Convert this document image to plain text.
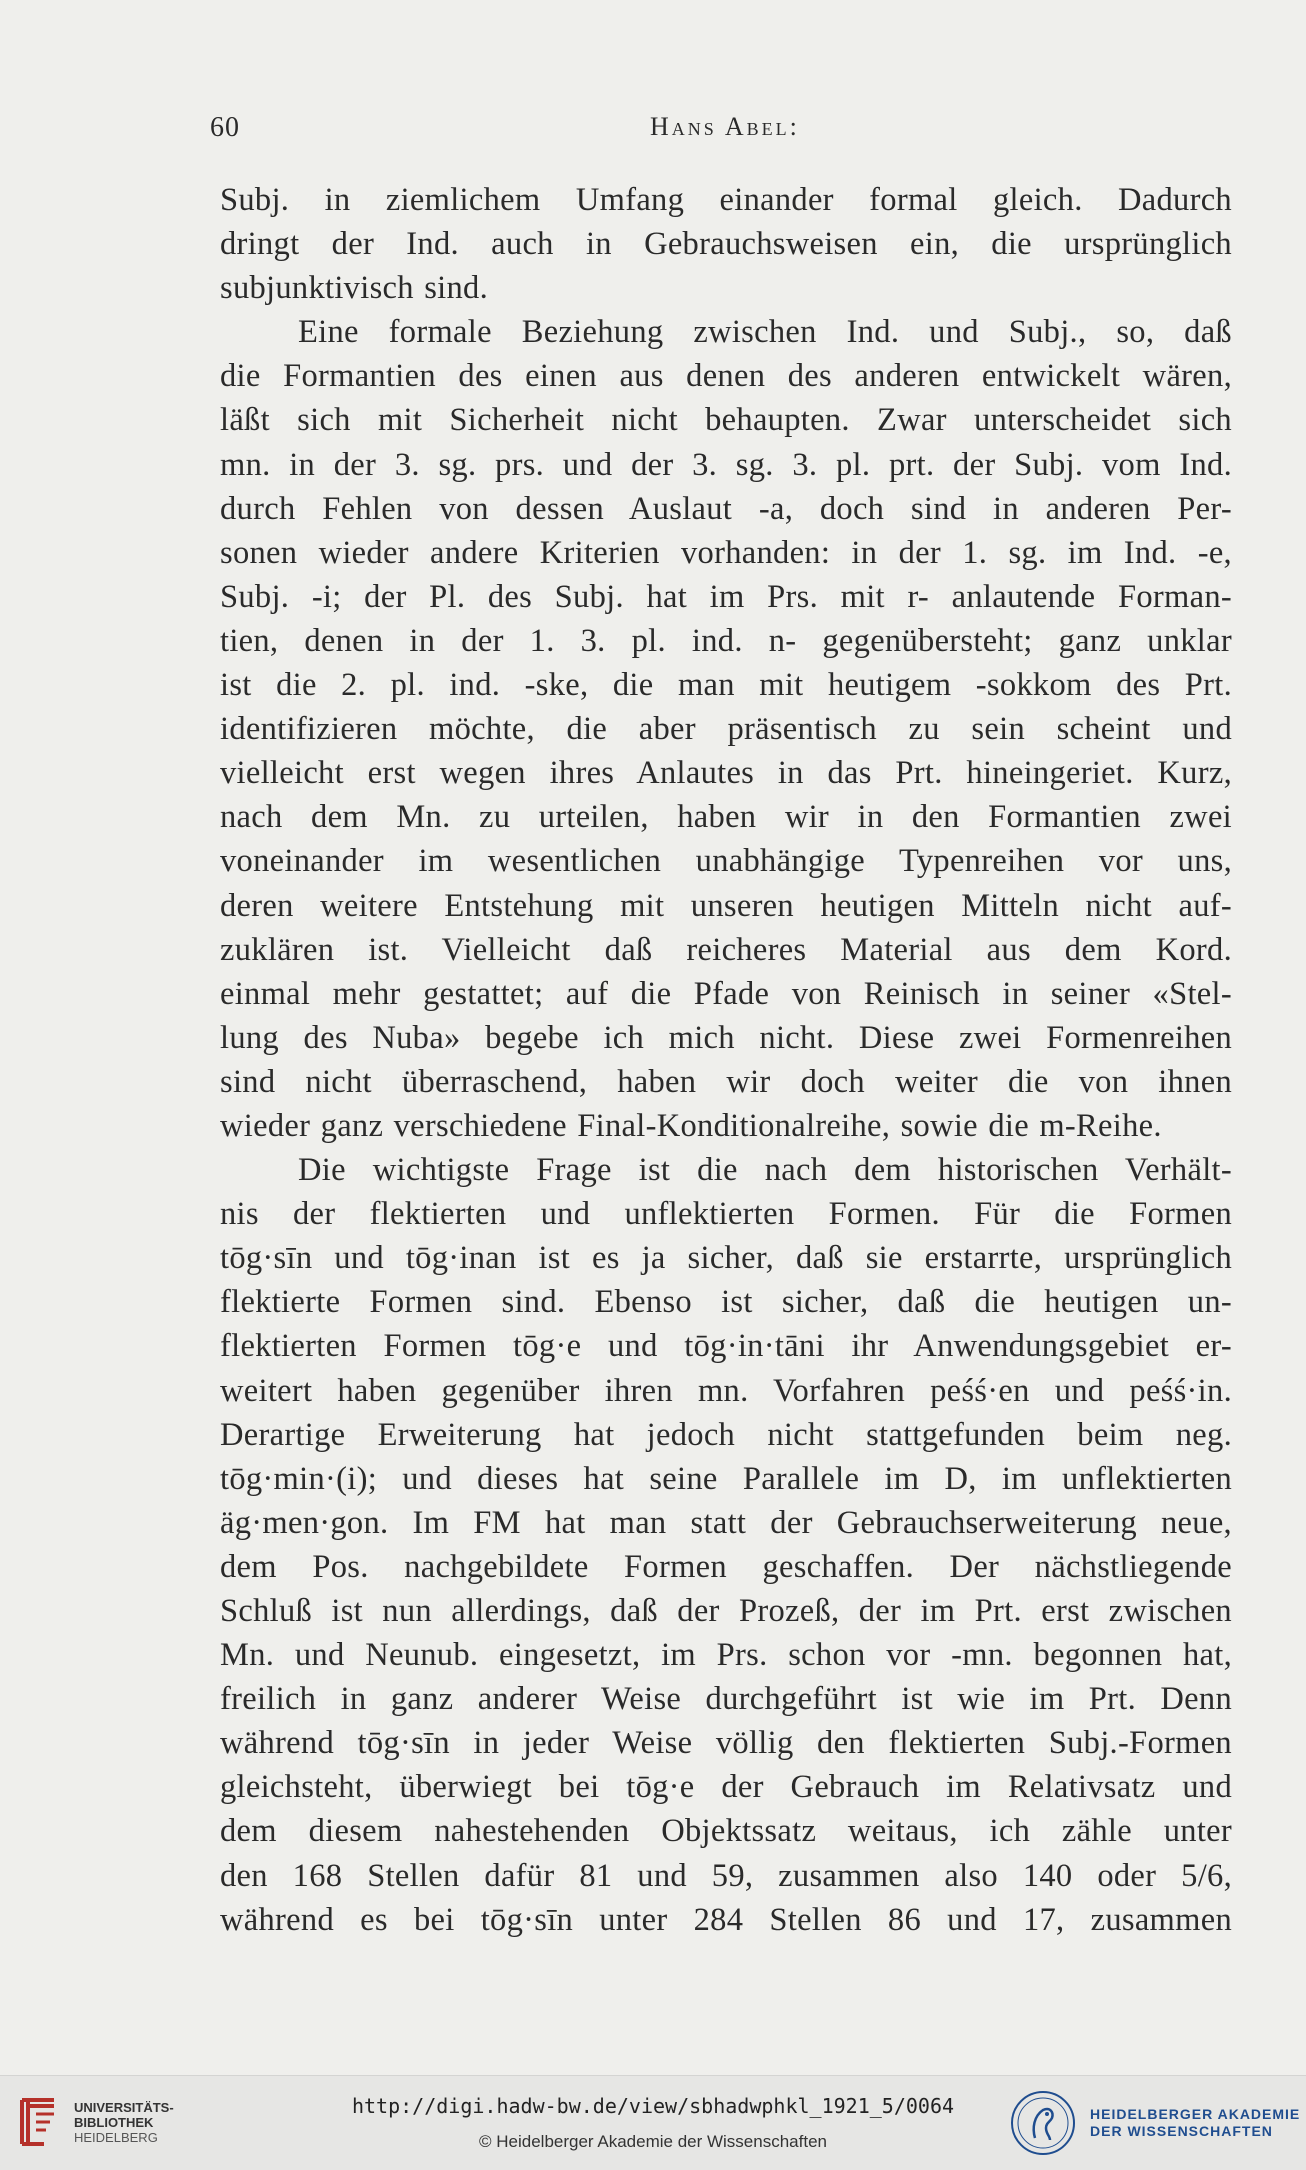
60	Hans Abel:
Subj. in ziemlichem Umfang einander formal gleich. Dadurch
dringt der Ind. auch in Gebrauchsweisen ein, die ursprünglich
subjunktivisch sind.
Eine formale Beziehung zwischen Ind. und Subj., so, daß
die Formantien des einen aus denen des anderen entwickelt wären,
läßt sich mit Sicherheit nicht behaupten. Zwar unterscheidet sich
mn. in der 3. sg. prs. und der 3. sg. 3. pl. prt. der Subj. vom Ind.
durch Fehlen von dessen Auslaut -a, doch sind in anderen Per-
sonen wieder andere Kriterien vorhanden: in der 1. sg. im Ind. -e,
Subj. -i; der Pl. des Subj. hat im Prs. mit r- anlautende Forman-
tien, denen in der 1. 3. pl. ind. n- gegenübersteht; ganz unklar
ist die 2. pl. ind. -ske, die man mit heutigem -sokkom des Prt.
identifizieren möchte, die aber präsentisch zu sein scheint und
vielleicht erst wegen ihres Anlautes in das Prt. hineingeriet. Kurz,
nach dem Mn. zu urteilen, haben wir in den Formantien zwei
voneinander im wesentlichen unabhängige Typenreihen vor uns,
deren weitere Entstehung mit unseren heutigen Mitteln nicht auf-
zuklären ist. Vielleicht daß reicheres Material aus dem Kord.
einmal mehr gestattet; auf die Pfade von Reinisch in seiner «Stel-
lung des Nuba» begebe ich mich nicht. Diese zwei Formenreihen
sind nicht überraschend, haben wir doch weiter die von ihnen
wieder ganz verschiedene Final-Konditionalreihe, sowie die m-Reihe.
Die wichtigste Frage ist die nach dem historischen Verhält-
nis der flektierten und unflektierten Formen. Für die Formen
tōg·sīn und tōg·inan ist es ja sicher, daß sie erstarrte, ursprünglich
flektierte Formen sind. Ebenso ist sicher, daß die heutigen un-
flektierten Formen tōg·e und tōg·in·tāni ihr Anwendungsgebiet er-
weitert haben gegenüber ihren mn. Vorfahren peśś·en und peśś·in.
Derartige Erweiterung hat jedoch nicht stattgefunden beim neg.
tōg·min·(i); und dieses hat seine Parallele im D, im unflektierten
äg·men·gon. Im FM hat man statt der Gebrauchserweiterung neue,
dem Pos. nachgebildete Formen geschaffen. Der nächstliegende
Schluß ist nun allerdings, daß der Prozeß, der im Prt. erst zwischen
Mn. und Neunub. eingesetzt, im Prs. schon vor -mn. begonnen hat,
freilich in ganz anderer Weise durchgeführt ist wie im Prt. Denn
während tōg·sīn in jeder Weise völlig den flektierten Subj.-Formen
gleichsteht, überwiegt bei tōg·e der Gebrauch im Relativsatz und
dem diesem nahestehenden Objektssatz weitaus, ich zähle unter
den 168 Stellen dafür 81 und 59, zusammen also 140 oder 5/6,
während es bei tōg·sīn unter 284 Stellen 86 und 17, zusammen
UNIVERSITÄTS-
BIBLIOTHEK
HEIDELBERG
http://digi.hadw-bw.de/view/sbhadwphkl_1921_5/0064
© Heidelberger Akademie der Wissenschaften
HEIDELBERGER AKADEMIE
DER WISSENSCHAFTEN
